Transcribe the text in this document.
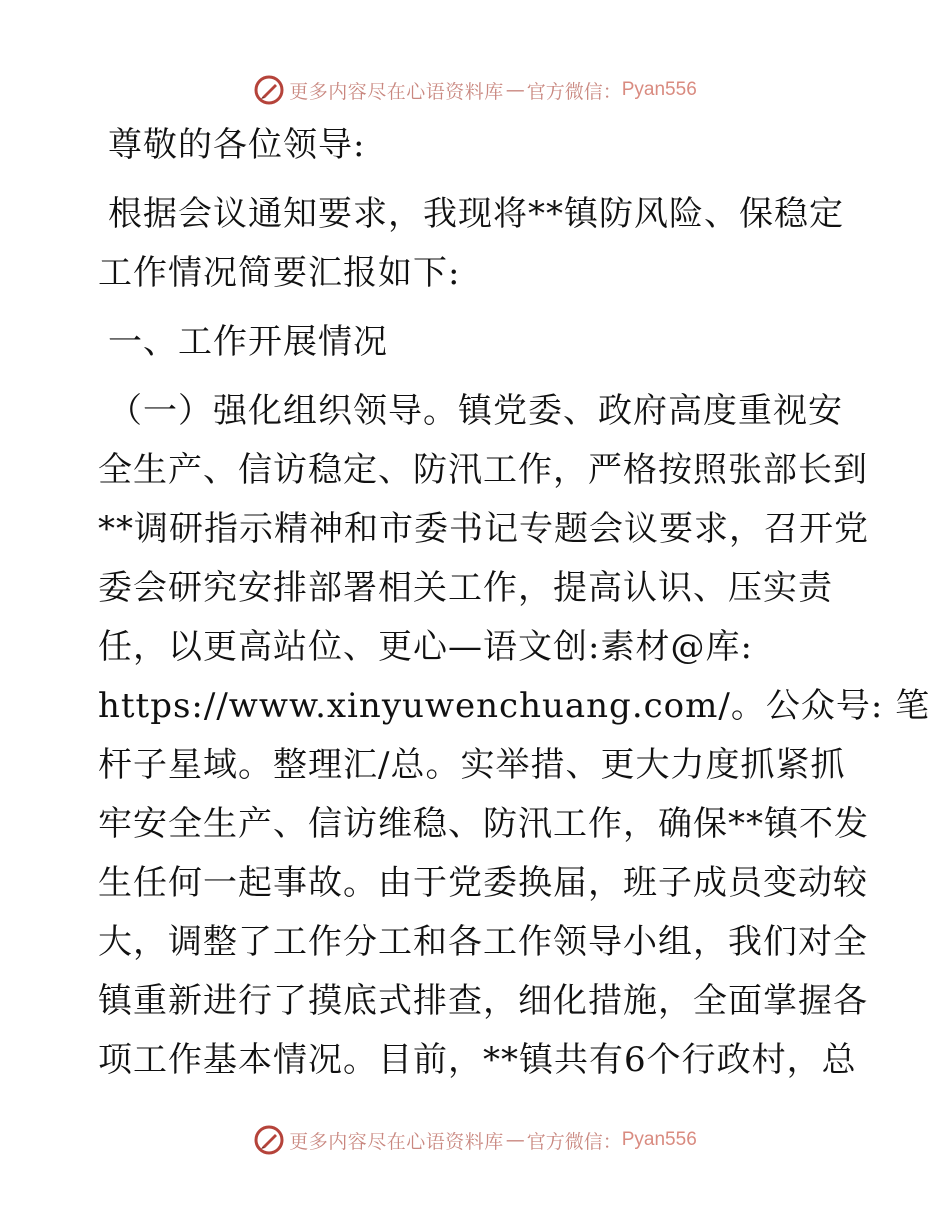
更多内容尽在心语资料库 — 官方微信： Pyan556
尊敬的各位领导:
根据会议通知要求，我现将**镇防风险、保稳定
工作情况简要汇报如下:
一、工作开展情况
（一）强化组织领导。镇党委、政府高度重视安
全生产、信访稳定、防汛工作，严格按照张部长到
**调研指示精神和市委书记专题会议要求，召开党
委会研究安排部署相关工作，提高认识、压实责
任，以更高站位、更心—语文创:素材@库:
https://www.xinyuwenchuang.com/。公众号: 笔
杆子星域。整理汇/总。实举措、更大力度抓紧抓
牢安全生产、信访维稳、防汛工作，确保**镇不发
生任何一起事故。由于党委换届，班子成员变动较
大，调整了工作分工和各工作领导小组，我们对全
镇重新进行了摸底式排查，细化措施，全面掌握各
项工作基本情况。目前，**镇共有6个行政村，总
更多内容尽在心语资料库 — 官方微信： Pyan556
